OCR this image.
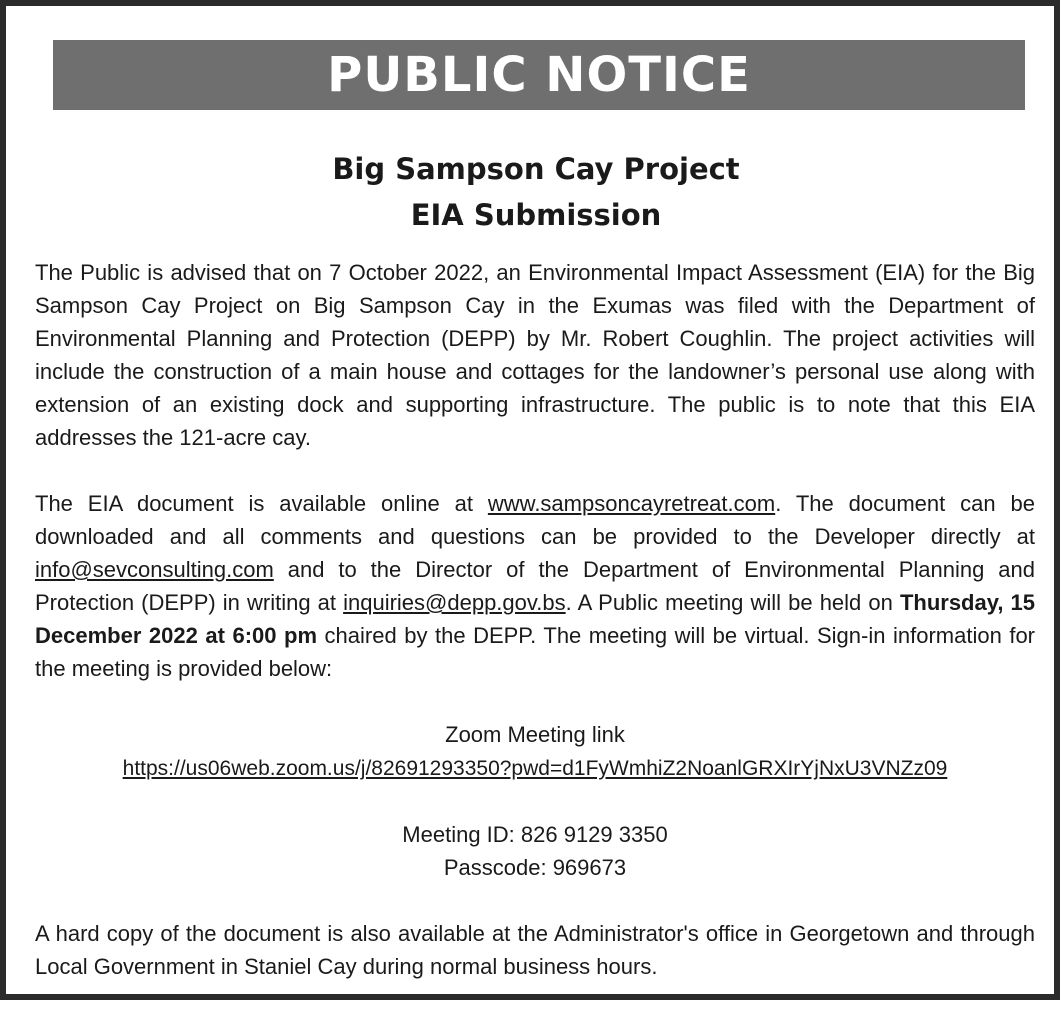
PUBLIC NOTICE
Big Sampson Cay Project
EIA Submission

The Public is advised that on 7 October 2022, an Environmental Impact Assessment (EIA) for the Big Sampson Cay Project on Big Sampson Cay in the Exumas was filed with the Department of Environmental Planning and Protection (DEPP) by Mr. Robert Coughlin. The project activities will include the construction of a main house and cottages for the landowner’s personal use along with extension of an existing dock and supporting infrastructure. The public is to note that this EIA addresses the 121-acre cay.

The EIA document is available online at www.sampsoncayretreat.com. The document can be downloaded and all comments and questions can be provided to the Developer directly at info@sevconsulting.com and to the Director of the Department of Environmental Planning and Protection (DEPP) in writing at inquiries@depp.gov.bs. A Public meeting will be held on Thursday, 15 December 2022 at 6:00 pm chaired by the DEPP. The meeting will be virtual. Sign-in information for the meeting is provided below:

Zoom Meeting link
https://us06web.zoom.us/j/82691293350?pwd=d1FyWmhiZ2NoanlGRXIrYjNxU3VNZz09
Meeting ID: 826 9129 3350
Passcode: 969673

A hard copy of the document is also available at the Administrator's office in Georgetown and through Local Government in Staniel Cay during normal business hours.
